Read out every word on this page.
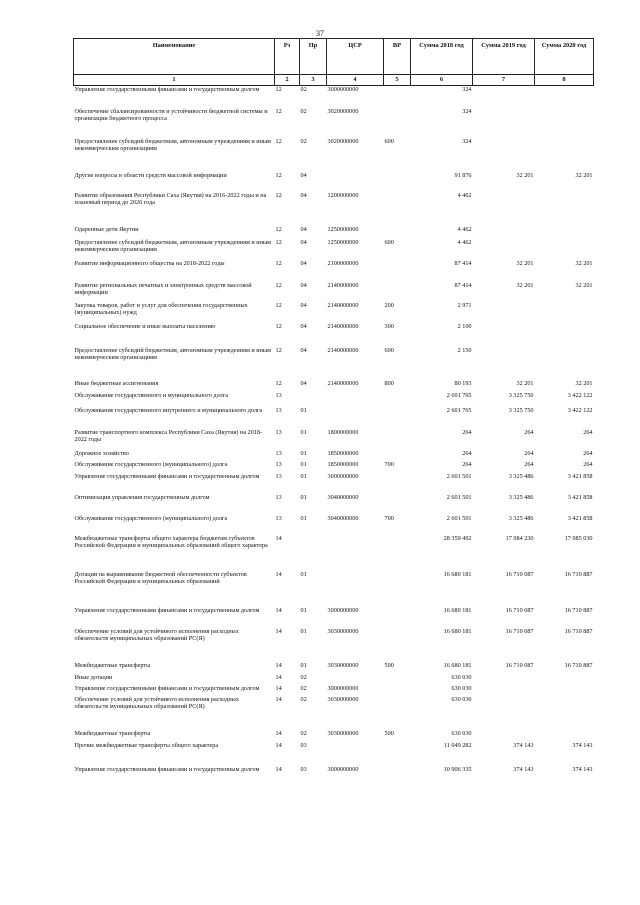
37
Наименование	Рз	Пр	ЦСР	ВР	Сумма 2018 год	Сумма 2019 год	Сумма 2020 год
1	2	3	4	5	6	7	8
Управление государственными финансами и государственным долгом	12	02	3000000000		324		
Обеспечение сбалансированности и устойчивости бюджетной системы и организации бюджетного процесса	12	02	3020000000		324		
Предоставление субсидий бюджетным, автономным учреждениям и иным некоммерческим организациям	12	02	3020000000	600	324		
Другие вопросы в области средств массовой информации	12	04			91 876	32 201	32 201
Развитие образования Республики Саха (Якутия) на 2016-2022 годы и на плановый период до 2026 года	12	04	1200000000		4 462		
Одаренные дети Якутии	12	04	1250000000		4 462		
Предоставление субсидий бюджетным, автономным учреждениям и иным некоммерческим организациям	12	04	1250000000	600	4 462		
Развитие информационного общества на 2018-2022 годы	12	04	2100000000		87 414	32 201	32 201
Развитие региональных печатных и электронных средств массовой информации	12	04	2140000000		87 414	32 201	32 201
Закупка товаров, работ и услуг для обеспечения государственных (муниципальных) нужд	12	04	2140000000	200	2 971		
Социальное обеспечение и иные выплаты населению	12	04	2140000000	300	2 100		
Предоставление субсидий бюджетным, автономным учреждениям и иным некоммерческим организациям	12	04	2140000000	600	2 150		
Иные бюджетные ассигнования	12	04	2140000000	800	80 193	32 201	32 201
Обслуживание государственного и муниципального долга	13				2 601 765	3 325 750	3 422 122
Обслуживание государственного внутреннего и муниципального долга	13	01			2 601 765	3 325 750	3 422 122
Развитие транспортного комплекса Республики Саха (Якутия) на 2018-2022 годы	13	01	1800000000		264	264	264
Дорожное хозяйство	13	01	1850000000		264	264	264
Обслуживание государственного (муниципального) долга	13	01	1850000000	700	264	264	264
Управление государственными финансами и государственным долгом	13	01	3000000000		2 601 501	3 325 486	3 421 858
Оптимизация управления государственным долгом	13	01	3040000000		2 601 501	3 325 486	3 421 858
Обслуживание государственного (муниципального) долга	13	01	3040000000	700	2 601 501	3 325 486	3 421 858
Межбюджетные трансферты общего характера бюджетам субъектов Российской Федерации и муниципальных образований общего характера	14				28 359 492	17 084 230	17 085 030
Дотации на выравнивание бюджетной обеспеченности субъектов Российской Федерации и муниципальных образований	14	01			16 680 181	16 710 087	16 710 887
Управление государственными финансами и государственным долгом	14	01	3000000000		16 680 181	16 710 087	16 710 887
Обеспечение условий для устойчивого исполнения расходных обязательств муниципальных образований РС(Я)	14	01	3030000000		16 680 181	16 710 087	16 710 887
Межбюджетные трансферты	14	01	3030000000	500	16 680 181	16 710 087	16 710 887
Иные дотации	14	02			630 030		
Управление государственными финансами и государственным долгом	14	02	3000000000		630 030		
Обеспечение условий для устойчивого исполнения расходных обязательств муниципальных образований РС(Я)	14	02	3030000000		630 030		
Межбюджетные трансферты	14	02	3030000000	500	630 030		
Прочие межбюджетные трансферты общего характера	14	03			11 049 282	374 143	374 143
Управление государственными финансами и государственным долгом	14	03	3000000000		10 906 335	374 143	374 143
